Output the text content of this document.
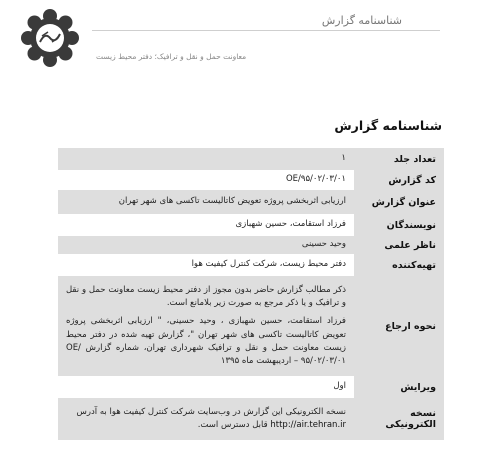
شناسنامه گزارش
معاونت حمل و نقل و ترافیک؛ دفتر محیط زیست
شناسنامه گزارش
تعداد جلد	۱
کد گزارش	OE/۹۵/۰۲/۰۳/۰۱
عنوان گزارش	ارزیابی اثربخشی پروژه تعویض کاتالیست تاکسی های شهر تهران
نویسندگان	فرزاد استقامت، حسین شهبازی
ناظر علمی	وحید حسینی
تهیه‌کننده	دفتر محیط زیست، شرکت کنترل کیفیت هوا
نحوه ارجاع	ذکر مطالب گزارش حاضر بدون مجوز از دفتر محیط زیست معاونت حمل و نقل و ترافیک و یا ذکر مرجع به صورت زیر بلامانع است.

فرزاد استقامت، حسین شهبازی ، وحید حسینی، " ارزیابی اثربخشی پروژه تعویض کاتالیست تاکسی های شهر تهران "، گزارش تهیه شده در دفتر محیط زیست معاونت حمل و نقل و ترافیک شهرداری تهران، شماره گزارش OE/۹۵/۰۲/۰۳/۰۱ – اردیبهشت ماه ۱۳۹۵

ویرایش	اول
نسخه الکترونیکی	نسخه الکترونیکی این گزارش در وب‌سایت شرکت کنترل کیفیت هوا به آدرس http://air.tehran.ir قابل دسترس است.
